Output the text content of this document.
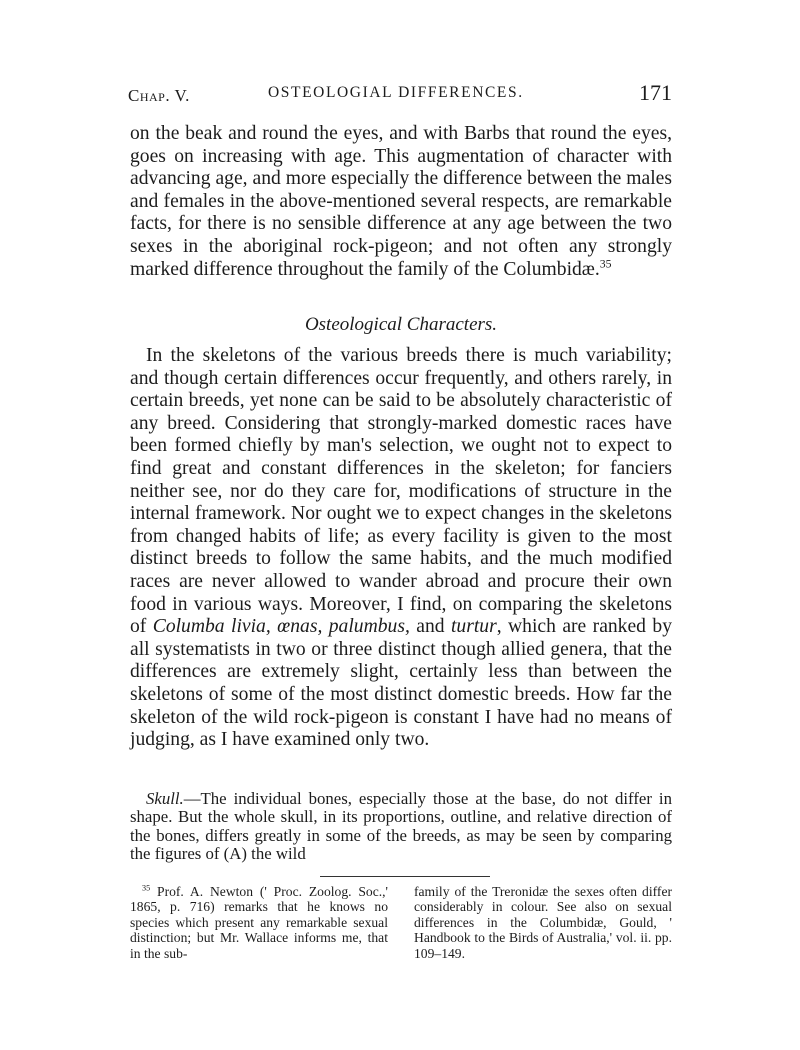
Chap. V.	OSTEOLOGIAL DIFFERENCES.	171

on the beak and round the eyes, and with Barbs that round the eyes, goes on increasing with age. This augmentation of character with advancing age, and more especially the difference between the males and females in the above-mentioned several respects, are remarkable facts, for there is no sensible difference at any age between the two sexes in the aboriginal rock-pigeon; and not often any strongly marked difference throughout the family of the Columbidæ.$^{35}$

Osteological Characters.

In the skeletons of the various breeds there is much variability; and though certain differences occur frequently, and others rarely, in certain breeds, yet none can be said to be absolutely characteristic of any breed. Considering that strongly-marked domestic races have been formed chiefly by man's selection, we ought not to expect to find great and constant differences in the skeleton; for fanciers neither see, nor do they care for, modifications of structure in the internal framework. Nor ought we to expect changes in the skeletons from changed habits of life; as every facility is given to the most distinct breeds to follow the same habits, and the much modified races are never allowed to wander abroad and procure their own food in various ways. Moreover, I find, on comparing the skeletons of Columba livia, œnas, palumbus, and turtur, which are ranked by all systematists in two or three distinct though allied genera, that the differences are extremely slight, certainly less than between the skeletons of some of the most distinct domestic breeds. How far the skeleton of the wild rock-pigeon is constant I have had no means of judging, as I have examined only two.

Skull.—The individual bones, especially those at the base, do not differ in shape. But the whole skull, in its proportions, outline, and relative direction of the bones, differs greatly in some of the breeds, as may be seen by comparing the figures of (A) the wild
$^{35}$ Prof. A. Newton (' Proc. Zoolog. Soc.,' 1865, p. 716) remarks that he knows no species which present any remarkable sexual distinction; but Mr. Wallace informs me, that in the sub-
family of the Treronidæ the sexes often differ considerably in colour. See also on sexual differences in the Columbidæ, Gould, ' Handbook to the Birds of Australia,' vol. ii. pp. 109–149.
